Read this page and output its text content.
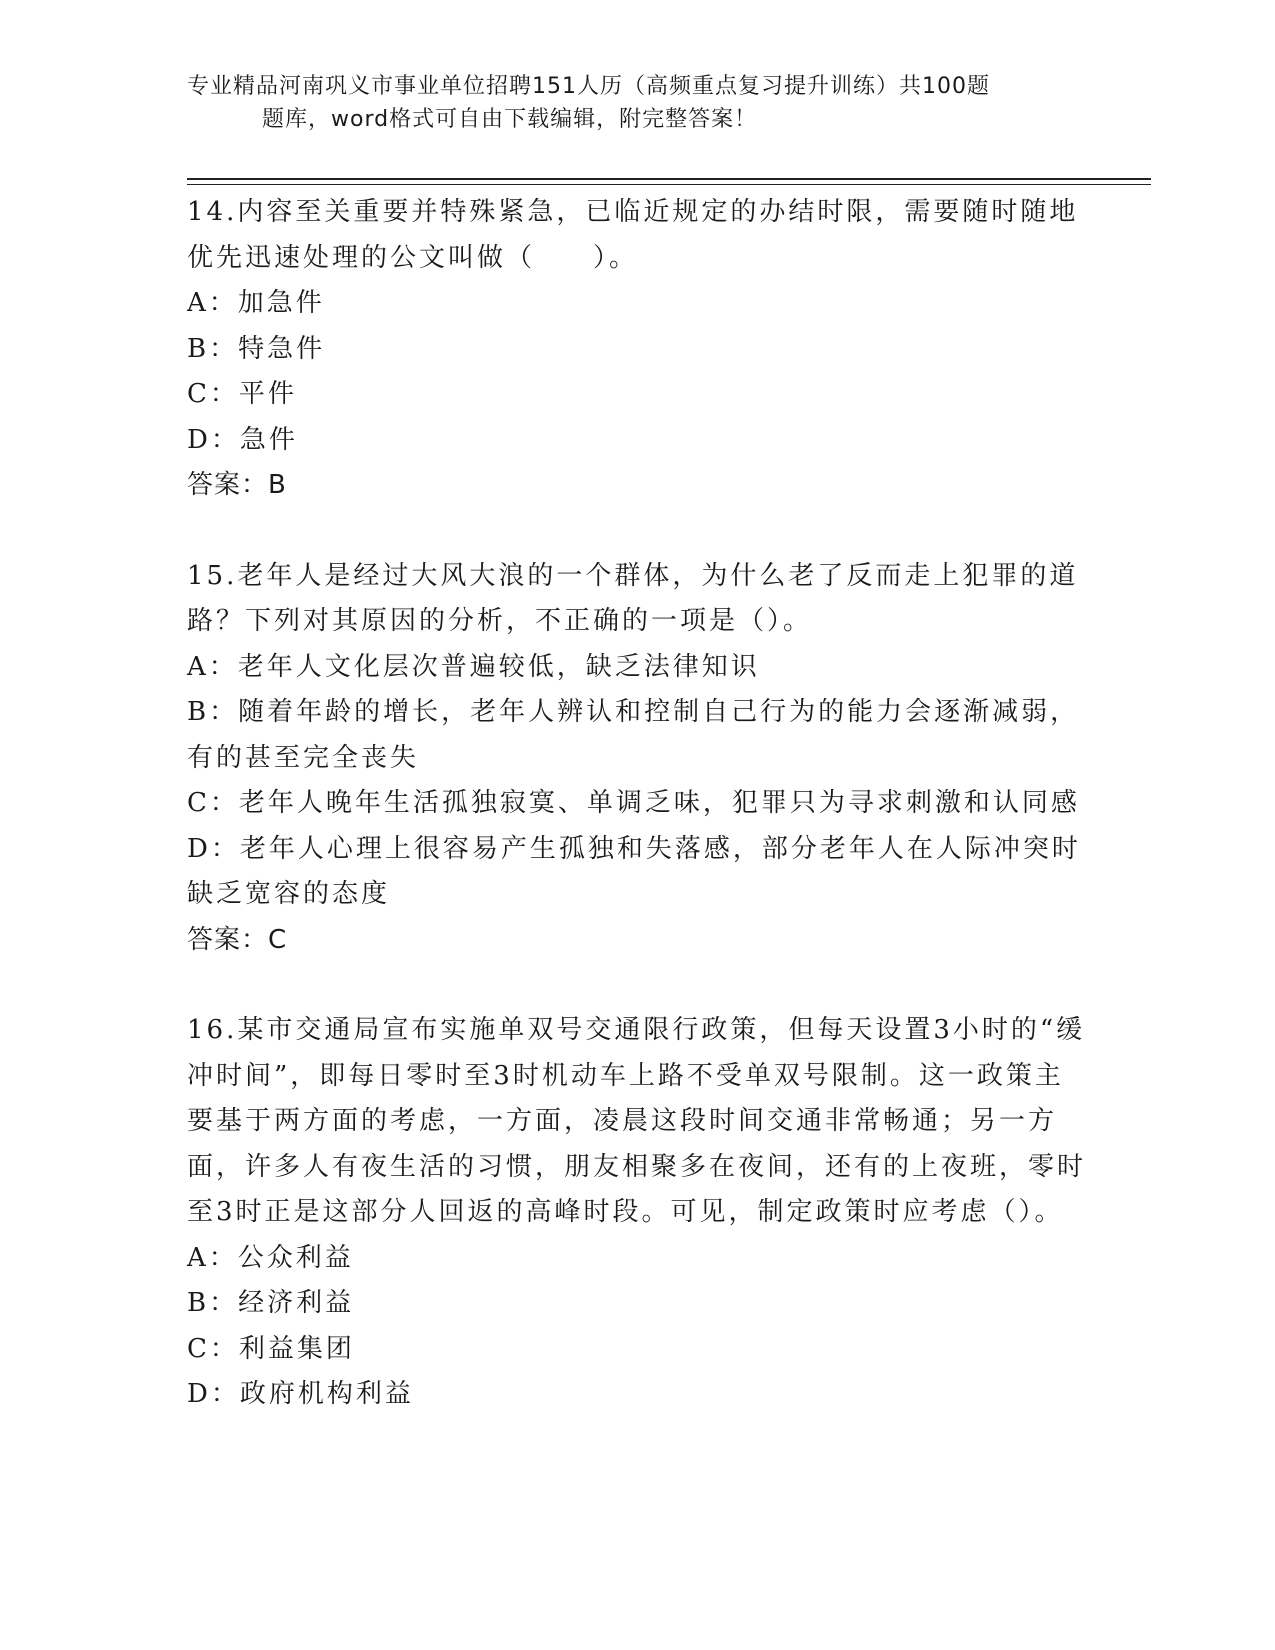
专业精品河南巩义市事业单位招聘151人历（高频重点复习提升训练）共100题
题库，word格式可自由下载编辑，附完整答案！
14.内容至关重要并特殊紧急，已临近规定的办结时限，需要随时随地优先迅速处理的公文叫做（　　）。
A：加急件
B：特急件
C：平件
D：急件
答案：B
15.老年人是经过大风大浪的一个群体，为什么老了反而走上犯罪的道路？下列对其原因的分析，不正确的一项是（）。
A：老年人文化层次普遍较低，缺乏法律知识
B：随着年龄的增长，老年人辨认和控制自己行为的能力会逐渐减弱，有的甚至完全丧失
C：老年人晚年生活孤独寂寞、单调乏味，犯罪只为寻求刺激和认同感
D：老年人心理上很容易产生孤独和失落感，部分老年人在人际冲突时缺乏宽容的态度
答案：C
16.某市交通局宣布实施单双号交通限行政策，但每天设置3小时的“缓冲时间”，即每日零时至3时机动车上路不受单双号限制。这一政策主要基于两方面的考虑，一方面，凌晨这段时间交通非常畅通；另一方面，许多人有夜生活的习惯，朋友相聚多在夜间，还有的上夜班，零时至3时正是这部分人回返的高峰时段。可见，制定政策时应考虑（）。
A：公众利益
B：经济利益
C：利益集团
D：政府机构利益
